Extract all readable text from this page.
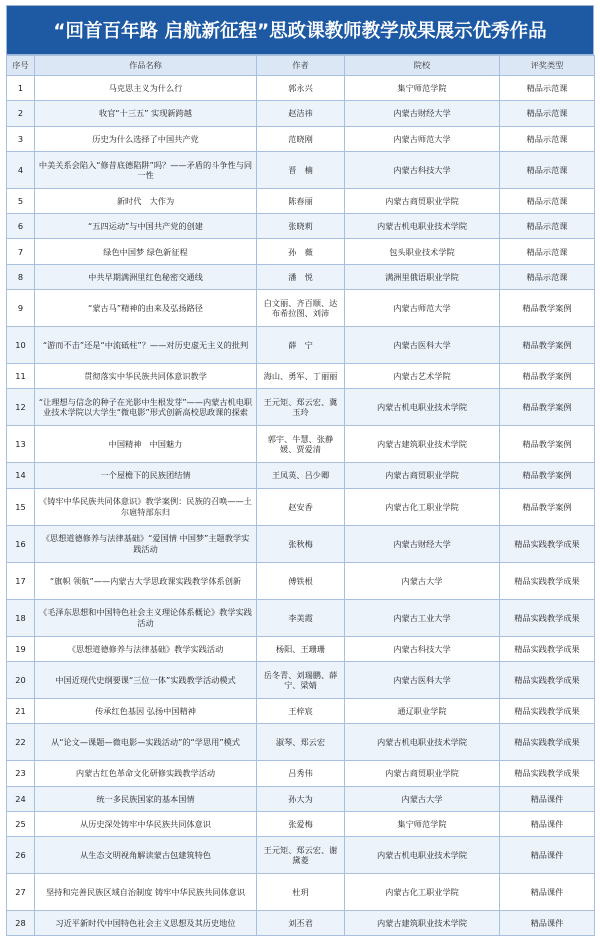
“回首百年路 启航新征程”思政课教师教学成果展示优秀作品
序号	作品名称	作者	院校	评奖类型
1	马克思主义为什么行	郭永兴	集宁师范学院	精品示范课
2	收官“十三五” 实现新跨越	赵洁祎	内蒙古财经大学	精品示范课
3	历史为什么选择了中国共产党	范晓刚	内蒙古师范大学	精品示范课
4	中美关系会陷入“修昔底德陷阱”吗？——矛盾的斗争性与同一性	晋　楠	内蒙古科技大学	精品示范课
5	新时代　大作为	陈春丽	内蒙古商贸职业学院	精品示范课
6	“五四运动”与中国共产党的创建	张晓莉	内蒙古机电职业技术学院	精品示范课
7	绿色中国梦 绿色新征程	孙　薇	包头职业技术学院	精品示范课
8	中共早期满洲里红色秘密交通线	潘　悦	满洲里俄语职业学院	精品示范课
9	“蒙古马”精神的由来及弘扬路径	白文丽、齐百顺、达布希拉图、刘沛	内蒙古师范大学	精品教学案例
10	“游而不击”还是“中流砥柱”？——对历史虚无主义的批判	薛　宁	内蒙古医科大学	精品教学案例
11	贯彻落实中华民族共同体意识教学	海山、勇军、丁丽丽	内蒙古艺术学院	精品教学案例
12	“让理想与信念的种子在光影中生根发芽”——内蒙古机电职业技术学院以大学生“微电影”形式创新高校思政课的探索	王元矩、郑云宏、冀玉玲	内蒙古机电职业技术学院	精品教学案例
13	中国精神　中国魅力	郭宇、牛慧、张静媛、贾爱清	内蒙古建筑职业技术学院	精品教学案例
14	一个屋檐下的民族团结情	王凤英、吕少卿	内蒙古商贸职业学院	精品教学案例
15	《铸牢中华民族共同体意识》教学案例：民族的召唤——土尔扈特部东归	赵安香	内蒙古化工职业学院	精品教学案例
16	《思想道德修养与法律基础》“爱国情 中国梦”主题教学实践活动	张秋梅	内蒙古财经大学	精品实践教学成果
17	“旗帜 领航”——内蒙古大学思政课实践教学体系创新	傅铁根	内蒙古大学	精品实践教学成果
18	《毛泽东思想和中国特色社会主义理论体系概论》教学实践活动	李美霞	内蒙古工业大学	精品实践教学成果
19	《思想道德修养与法律基础》教学实践活动	杨阳、王珊珊	内蒙古科技大学	精品实践教学成果
20	中国近现代史纲要课“三位一体”实践教学活动模式	岳冬青、刘瑞鹏、薛宁、梁婧	内蒙古医科大学	精品实践教学成果
21	传承红色基因 弘扬中国精神	王梓宸	通辽职业学院	精品实践教学成果
22	从“论文—课题—微电影—实践活动”的“学思用”模式	淑琴、郑云宏	内蒙古机电职业技术学院	精品实践教学成果
23	内蒙古红色革命文化研修实践教学活动	吕秀伟	内蒙古商贸职业学院	精品实践教学成果
24	统一多民族国家的基本国情	孙大为	内蒙古大学	精品课件
25	从历史深处铸牢中华民族共同体意识	张爱梅	集宁师范学院	精品课件
26	从生态文明视角解读蒙古包建筑特色	王元矩、郑云宏、谢黛菱	内蒙古机电职业技术学院	精品课件
27	坚持和完善民族区域自治制度 铸牢中华民族共同体意识	杜玥	内蒙古化工职业学院	精品课件
28	习近平新时代中国特色社会主义思想及其历史地位	刘丕君	内蒙古建筑职业技术学院	精品课件
